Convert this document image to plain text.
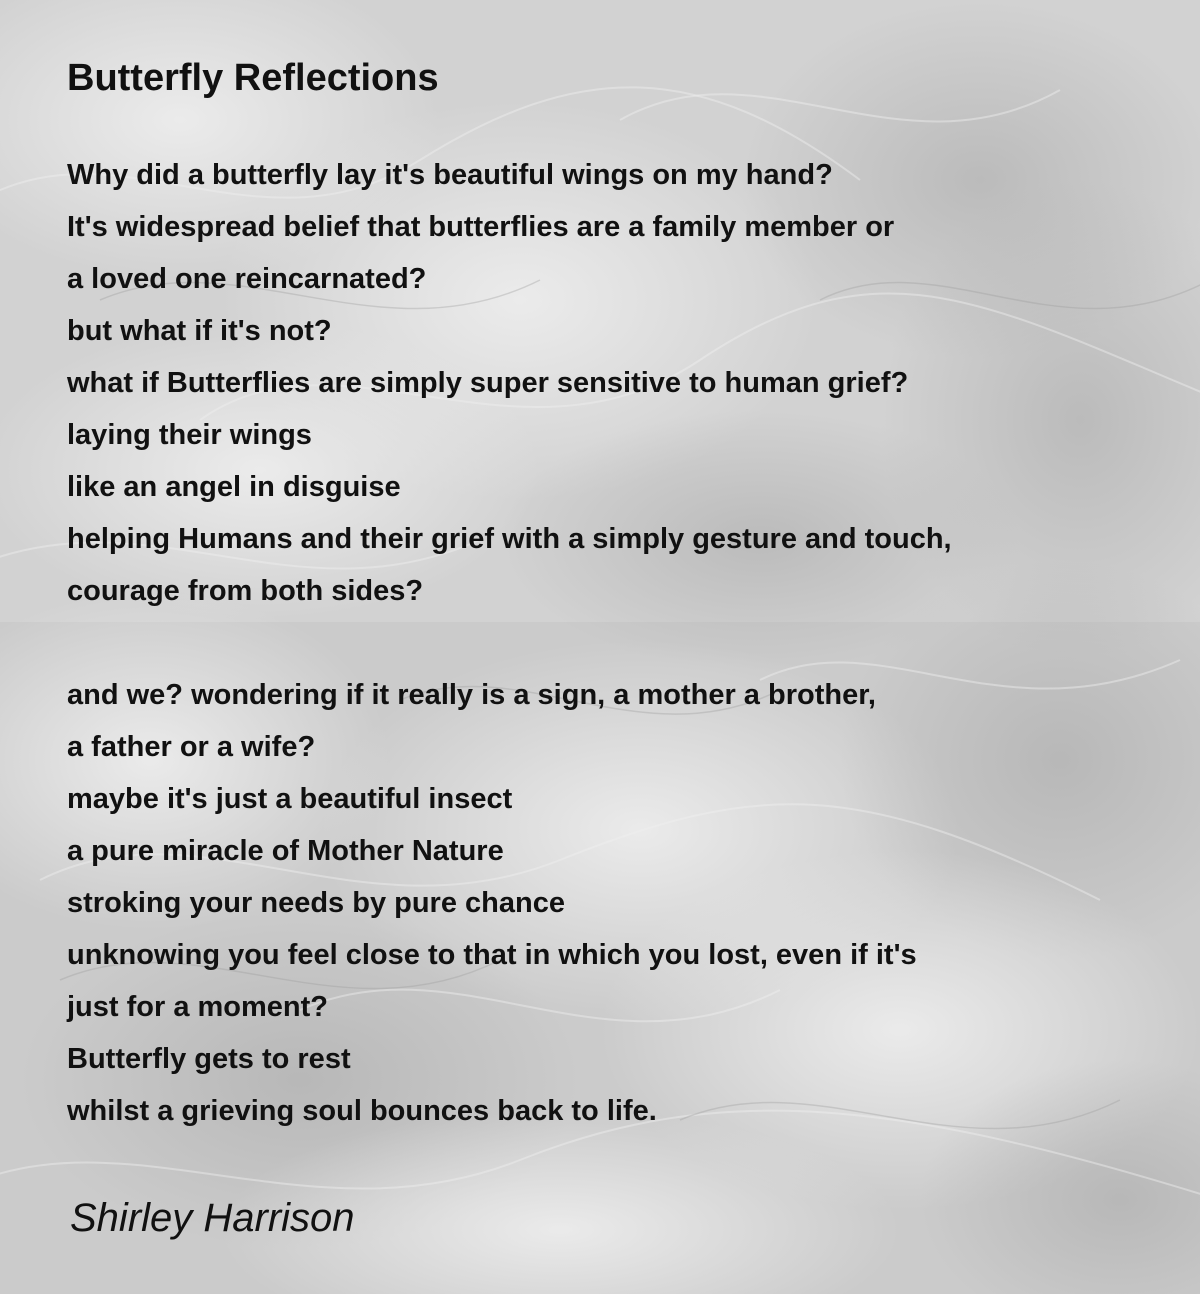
Butterfly Reflections
Why did a butterfly lay it's beautiful wings on my hand?
It's widespread belief that butterflies are a family member or
a loved one reincarnated?
but what if it's not?
what if Butterflies are simply super sensitive to human grief?
laying their wings
like an angel in disguise
helping Humans and their grief with a simply gesture and touch,
courage from both sides?
and we? wondering if it really is a sign, a mother a brother,
a father or a wife?
maybe it's just a beautiful insect
a pure miracle of Mother Nature
stroking your needs by pure chance
unknowing you feel close to that in which you lost, even if it's
just for a moment?
Butterfly gets to rest
whilst a grieving soul bounces back to life.

Shirley Harrison
